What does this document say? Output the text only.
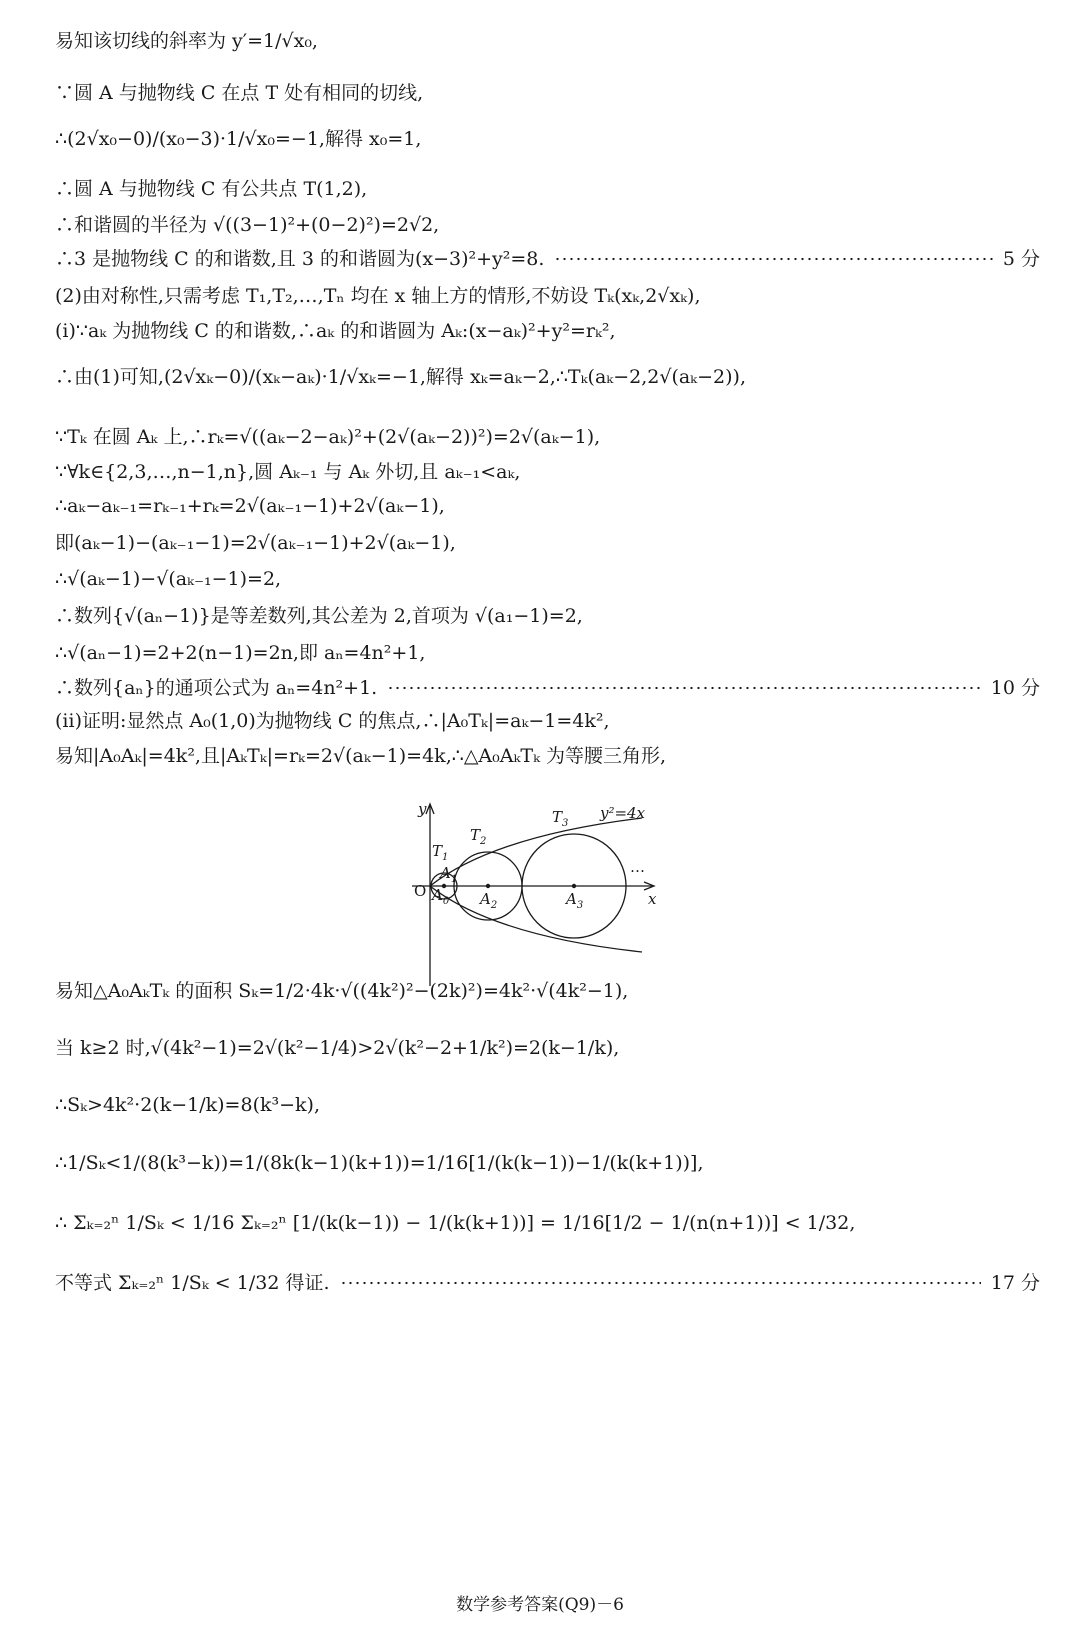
易知该切线的斜率为 y′=1/√x₀,
∵圆 A 与抛物线 C 在点 T 处有相同的切线,
∴(2√x₀−0)/(x₀−3)·1/√x₀=−1,解得 x₀=1,
∴圆 A 与抛物线 C 有公共点 T(1,2),
∴和谐圆的半径为 √((3−1)²+(0−2)²)=2√2,
∴3 是抛物线 C 的和谐数,且 3 的和谐圆为(x−3)²+y²=8.	5 分
(2)由对称性,只需考虑 T₁,T₂,…,Tₙ 均在 x 轴上方的情形,不妨设 Tₖ(xₖ,2√xₖ),
(ⅰ)∵aₖ 为抛物线 C 的和谐数,∴aₖ 的和谐圆为 Aₖ:(x−aₖ)²+y²=rₖ²,
∴由(1)可知,(2√xₖ−0)/(xₖ−aₖ)·1/√xₖ=−1,解得 xₖ=aₖ−2,∴Tₖ(aₖ−2,2√(aₖ−2)),
∵Tₖ 在圆 Aₖ 上,∴rₖ=√((aₖ−2−aₖ)²+(2√(aₖ−2))²)=2√(aₖ−1),
∵∀k∈{2,3,…,n−1,n},圆 Aₖ₋₁ 与 Aₖ 外切,且 aₖ₋₁<aₖ,
∴aₖ−aₖ₋₁=rₖ₋₁+rₖ=2√(aₖ₋₁−1)+2√(aₖ−1),
即(aₖ−1)−(aₖ₋₁−1)=2√(aₖ₋₁−1)+2√(aₖ−1),
∴√(aₖ−1)−√(aₖ₋₁−1)=2,
∴数列{√(aₙ−1)}是等差数列,其公差为 2,首项为 √(a₁−1)=2,
∴√(aₙ−1)=2+2(n−1)=2n,即 aₙ=4n²+1,
∴数列{aₙ}的通项公式为 aₙ=4n²+1.	10 分
(ⅱ)证明:显然点 A₀(1,0)为抛物线 C 的焦点,∴|A₀Tₖ|=aₖ−1=4k²,
易知|A₀Aₖ|=4k²,且|AₖTₖ|=rₖ=2√(aₖ−1)=4k,∴△A₀AₖTₖ 为等腰三角形,
y
x
O
y²=4x
…
$T_1$
$A_1$
$A_0$
$T_2$
$A_2$
$T_3$
$A_3$
易知△A₀AₖTₖ 的面积 Sₖ=1/2·4k·√((4k²)²−(2k)²)=4k²·√(4k²−1),
当 k≥2 时,√(4k²−1)=2√(k²−1/4)>2√(k²−2+1/k²)=2(k−1/k),
∴Sₖ>4k²·2(k−1/k)=8(k³−k),
∴1/Sₖ<1/(8(k³−k))=1/(8k(k−1)(k+1))=1/16[1/(k(k−1))−1/(k(k+1))],
∴ Σₖ₌₂ⁿ 1/Sₖ < 1/16 Σₖ₌₂ⁿ [1/(k(k−1)) − 1/(k(k+1))] = 1/16[1/2 − 1/(n(n+1))] < 1/32,
不等式 Σₖ₌₂ⁿ 1/Sₖ < 1/32 得证.	17 分
数学参考答案(Q9)－6
